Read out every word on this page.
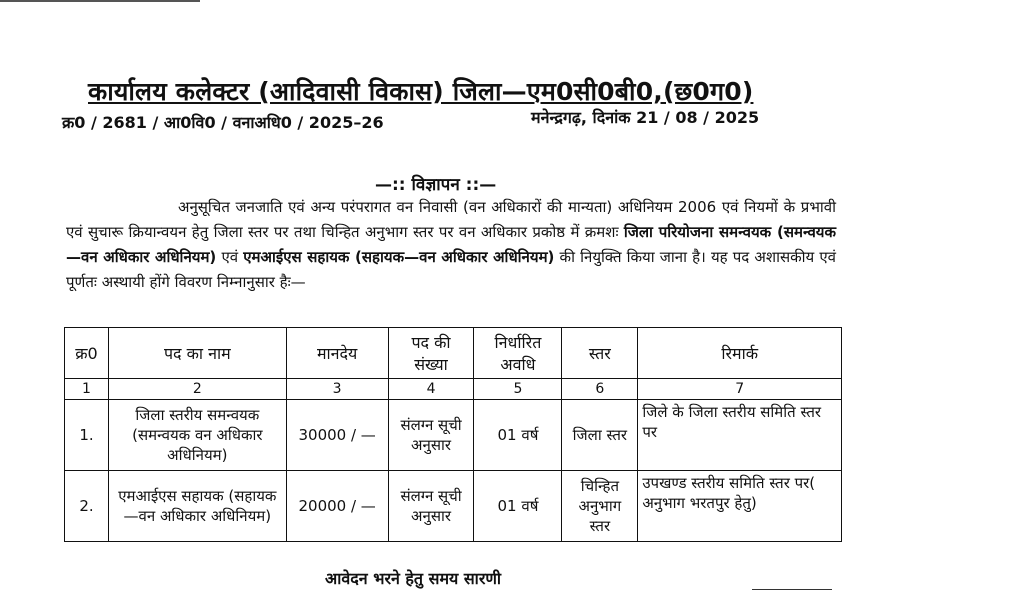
कार्यालय कलेक्टर (आदिवासी विकास) जिला—एम0सी0बी0,(छ0ग0)
क्र0 / 2681 / आ0वि0 / वनाअधि0 / 2025–26	मनेन्द्रगढ़, दिनांक 21 / 08 / 2025
—:: विज्ञापन ::—

अनुसूचित जनजाति एवं अन्य परंपरागत वन निवासी (वन अधिकारों की मान्यता) अधिनियम 2006 एवं नियमों के प्रभावी एवं सुचारू क्रियान्वयन हेतु जिला स्तर पर तथा चिन्हित अनुभाग स्तर पर वन अधिकार प्रकोष्ठ में क्रमशः जिला परियोजना समन्वयक (समन्वयक—वन अधिकार अधिनियम) एवं एमआईएस सहायक (सहायक—वन अधिकार अधिनियम) की नियुक्ति किया जाना है। यह पद अशासकीय एवं पूर्णतः अस्थायी होंगे विवरण निम्नानुसार हैः—

क्र0	पद का नाम	मानदेय	पद की संख्या	निर्धारित अवधि	स्तर	रिमार्क
1	2	3	4	5	6	7
1.	जिला स्तरीय समन्वयक (समन्वयक वन अधिकार अधिनियम)	30000 / —	संलग्न सूची अनुसार	01 वर्ष	जिला स्तर	जिले के जिला स्तरीय समिति स्तर पर
2.	एमआईएस सहायक (सहायक—वन अधिकार अधिनियम)	20000 / —	संलग्न सूची अनुसार	01 वर्ष	चिन्हित अनुभाग स्तर	उपखण्ड स्तरीय समिति स्तर पर( अनुभाग भरतपुर हेतु)
आवेदन भरने हेतु समय सारणी
